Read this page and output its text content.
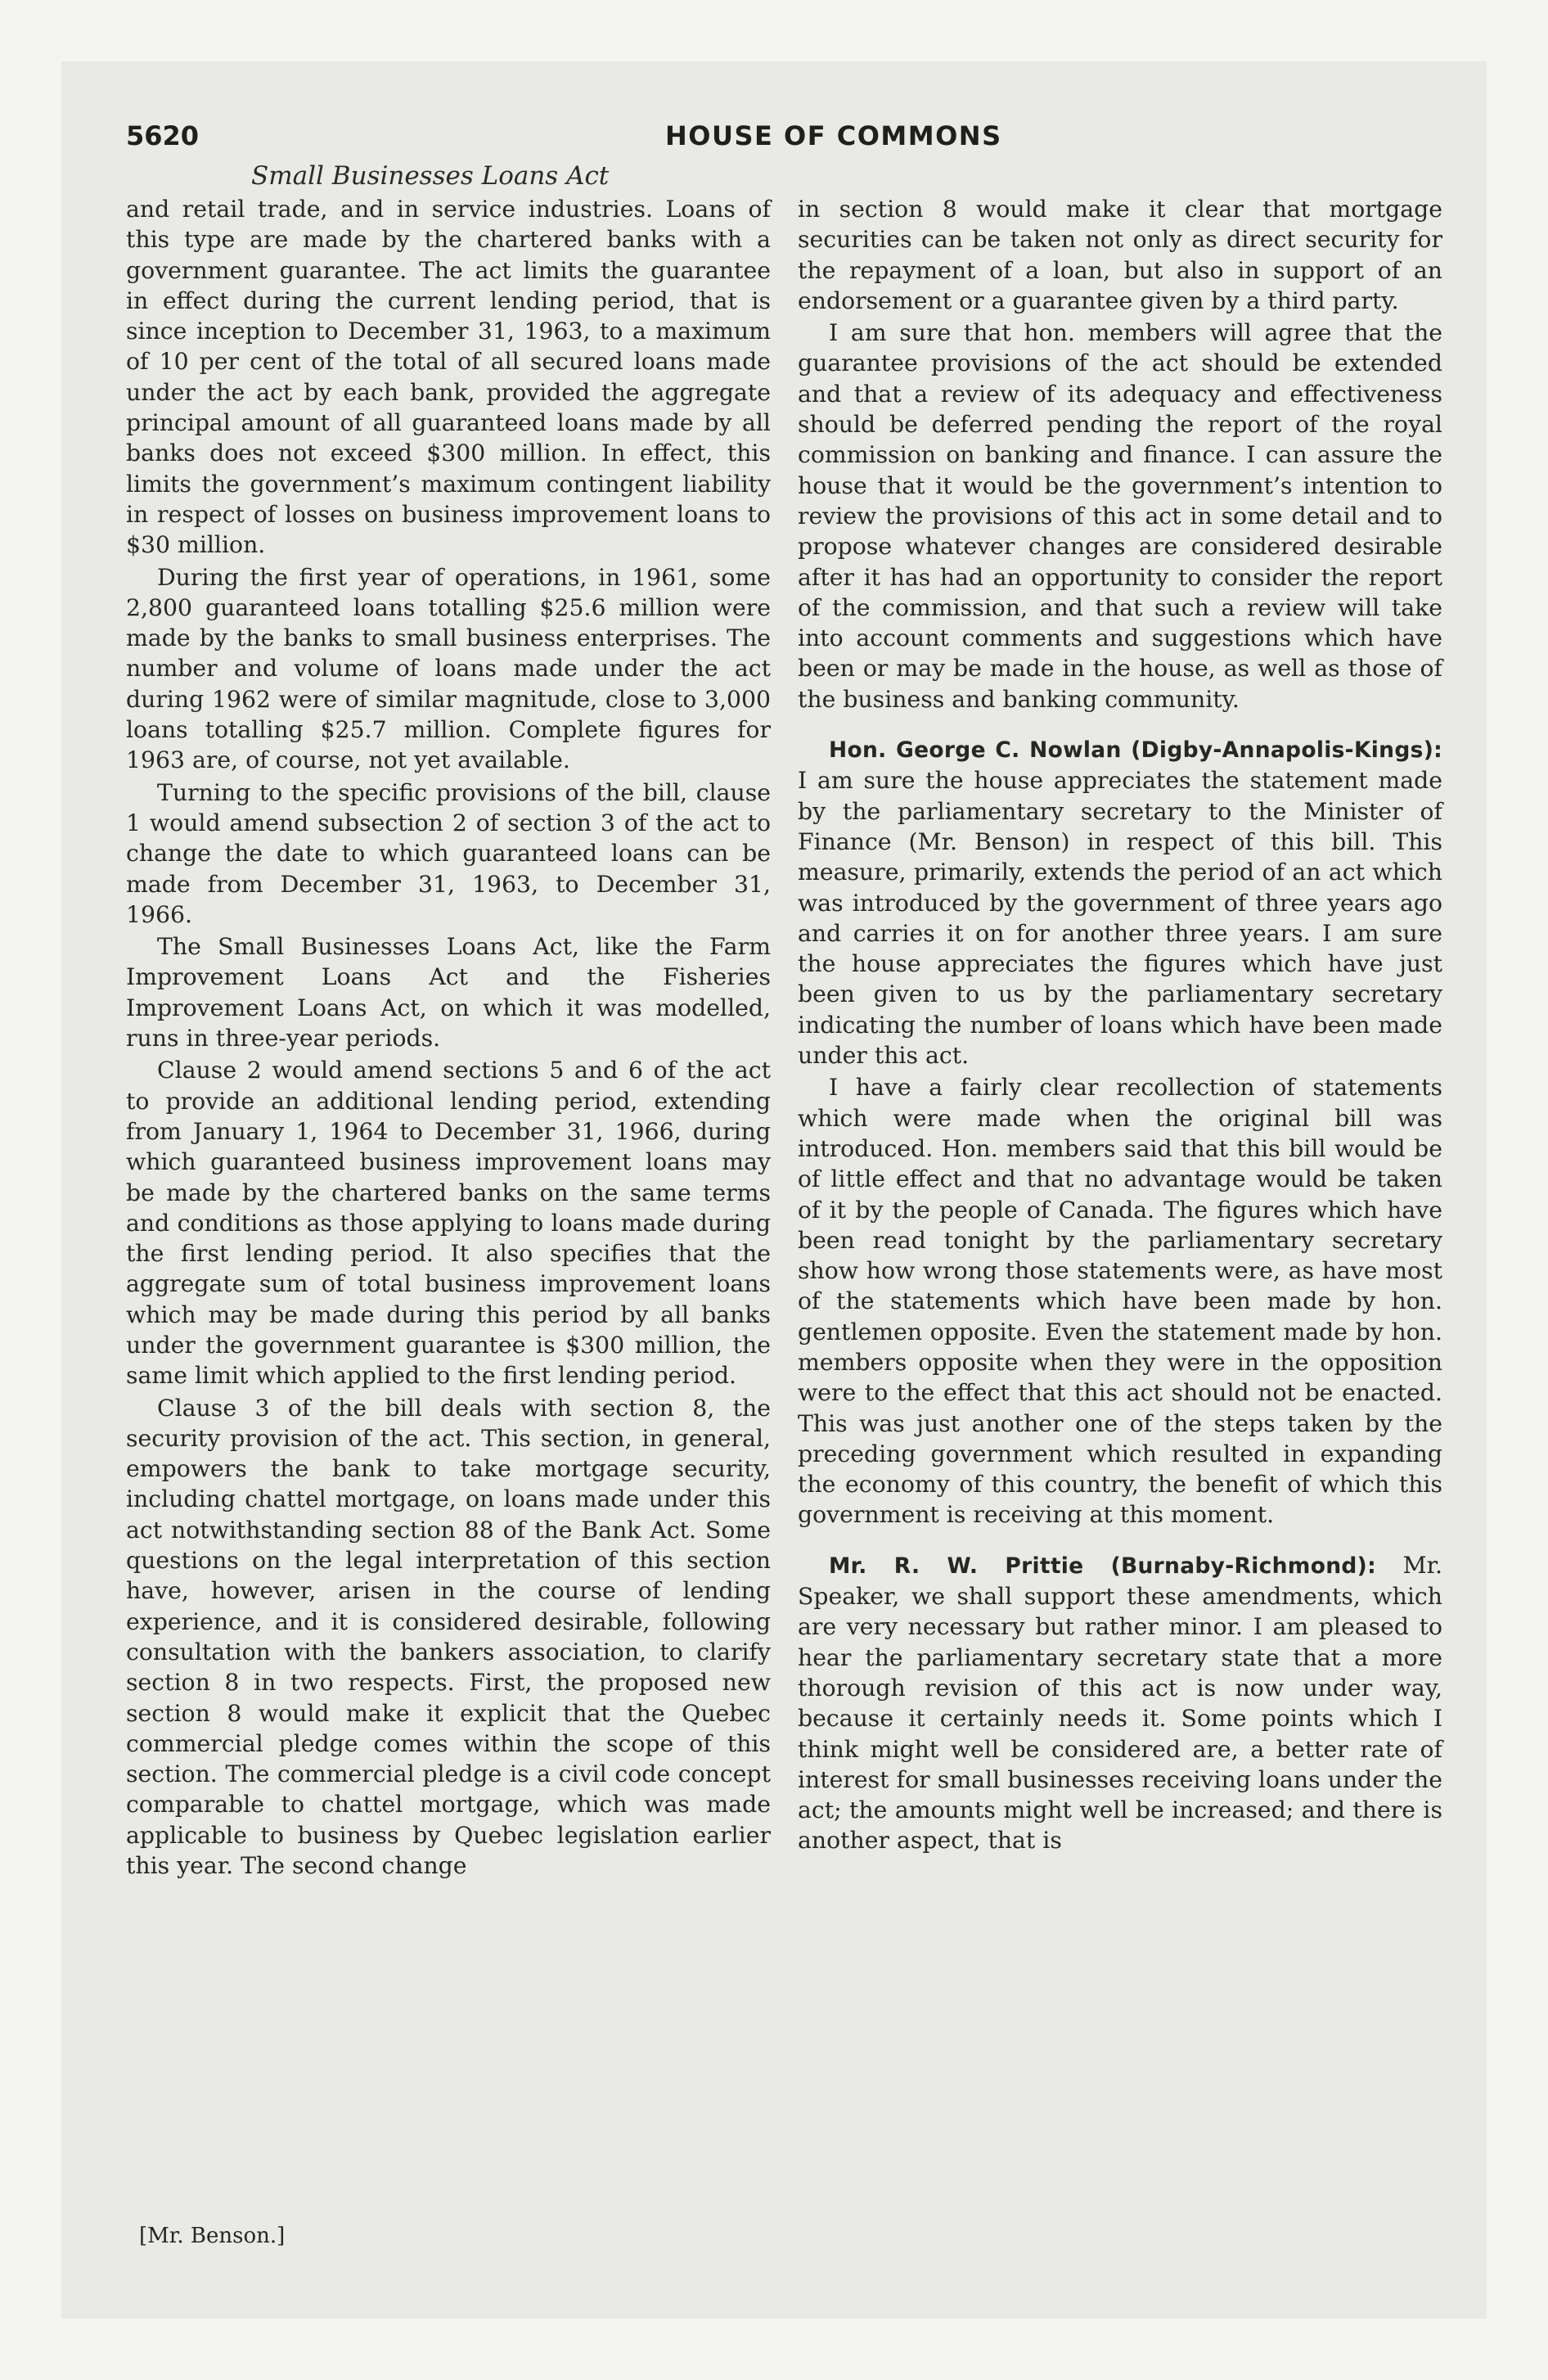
5620	HOUSE OF COMMONS
Small Businesses Loans Act

and retail trade, and in service industries. Loans of this type are made by the chartered banks with a government guarantee. The act limits the guarantee in effect during the current lending period, that is since inception to December 31, 1963, to a maximum of 10 per cent of the total of all secured loans made under the act by each bank, provided the aggregate principal amount of all guaranteed loans made by all banks does not exceed $300 million. In effect, this limits the government’s maximum contingent liability in respect of losses on business improvement loans to $30 million.

During the first year of operations, in 1961, some 2,800 guaranteed loans totalling $25.6 million were made by the banks to small business enterprises. The number and volume of loans made under the act during 1962 were of similar magnitude, close to 3,000 loans totalling $25.7 million. Complete figures for 1963 are, of course, not yet available.

Turning to the specific provisions of the bill, clause 1 would amend subsection 2 of section 3 of the act to change the date to which guaranteed loans can be made from December 31, 1963, to December 31, 1966.

The Small Businesses Loans Act, like the Farm Improvement Loans Act and the Fisheries Improvement Loans Act, on which it was modelled, runs in three-year periods.

Clause 2 would amend sections 5 and 6 of the act to provide an additional lending period, extending from January 1, 1964 to December 31, 1966, during which guaranteed business improvement loans may be made by the chartered banks on the same terms and conditions as those applying to loans made during the first lending period. It also specifies that the aggregate sum of total business improvement loans which may be made during this period by all banks under the government guarantee is $300 million, the same limit which applied to the first lending period.

Clause 3 of the bill deals with section 8, the security provision of the act. This section, in general, empowers the bank to take mortgage security, including chattel mortgage, on loans made under this act notwithstanding section 88 of the Bank Act. Some questions on the legal interpretation of this section have, however, arisen in the course of lending experience, and it is considered desirable, following consultation with the bankers association, to clarify section 8 in two respects. First, the proposed new section 8 would make it explicit that the Quebec commercial pledge comes within the scope of this section. The commercial pledge is a civil code concept comparable to chattel mortgage, which was made applicable to business by Quebec legislation earlier this year. The second change

in section 8 would make it clear that mortgage securities can be taken not only as direct security for the repayment of a loan, but also in support of an endorsement or a guarantee given by a third party.

I am sure that hon. members will agree that the guarantee provisions of the act should be extended and that a review of its adequacy and effectiveness should be deferred pending the report of the royal commission on banking and finance. I can assure the house that it would be the government’s intention to review the provisions of this act in some detail and to propose whatever changes are considered desirable after it has had an opportunity to consider the report of the commission, and that such a review will take into account comments and suggestions which have been or may be made in the house, as well as those of the business and banking community.

Hon. George C. Nowlan (Digby-Annapolis-Kings): I am sure the house appreciates the statement made by the parliamentary secretary to the Minister of Finance (Mr. Benson) in respect of this bill. This measure, primarily, extends the period of an act which was introduced by the government of three years ago and carries it on for another three years. I am sure the house appreciates the figures which have just been given to us by the parliamentary secretary indicating the number of loans which have been made under this act.

I have a fairly clear recollection of statements which were made when the original bill was introduced. Hon. members said that this bill would be of little effect and that no advantage would be taken of it by the people of Canada. The figures which have been read tonight by the parliamentary secretary show how wrong those statements were, as have most of the statements which have been made by hon. gentlemen opposite. Even the statement made by hon. members opposite when they were in the opposition were to the effect that this act should not be enacted. This was just another one of the steps taken by the preceding government which resulted in expanding the economy of this country, the benefit of which this government is receiving at this moment.

Mr. R. W. Prittie (Burnaby-Richmond): Mr. Speaker, we shall support these amendments, which are very necessary but rather minor. I am pleased to hear the parliamentary secretary state that a more thorough revision of this act is now under way, because it certainly needs it. Some points which I think might well be considered are, a better rate of interest for small businesses receiving loans under the act; the amounts might well be increased; and there is another aspect, that is

[Mr. Benson.]
